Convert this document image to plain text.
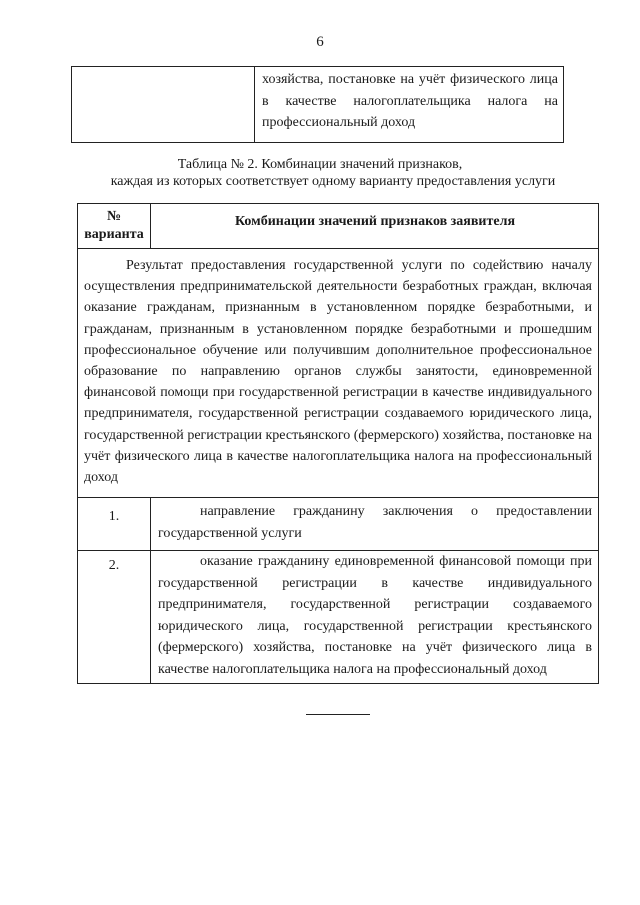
6
хозяйства, постановке на учёт физического лица в качестве налогоплательщика налога на профессиональный доход
Таблица № 2. Комбинации значений признаков,
каждая из которых соответствует одному варианту предоставления услуги
№ варианта
Комбинации значений признаков заявителя
Результат предоставления государственной услуги по содействию началу осуществления предпринимательской деятельности безработных граждан, включая оказание гражданам, признанным в установленном порядке безработными, и гражданам, признанным в установленном порядке безработными и прошедшим профессиональное обучение или получившим дополнительное профессиональное образование по направлению органов службы занятости, единовременной финансовой помощи при государственной регистрации в качестве индивидуального предпринимателя, государственной регистрации создаваемого юридического лица, государственной регистрации крестьянского (фермерского) хозяйства, постановке на учёт физического лица в качестве налогоплательщика налога на профессиональный доход
1.	направление гражданину заключения о предоставлении государственной услуги
2.	оказание гражданину единовременной финансовой помощи при государственной регистрации в качестве индивидуального предпринимателя, государственной регистрации создаваемого юридического лица, государственной регистрации крестьянского (фермерского) хозяйства, постановке на учёт физического лица в качестве налогоплательщика налога на профессиональный доход
